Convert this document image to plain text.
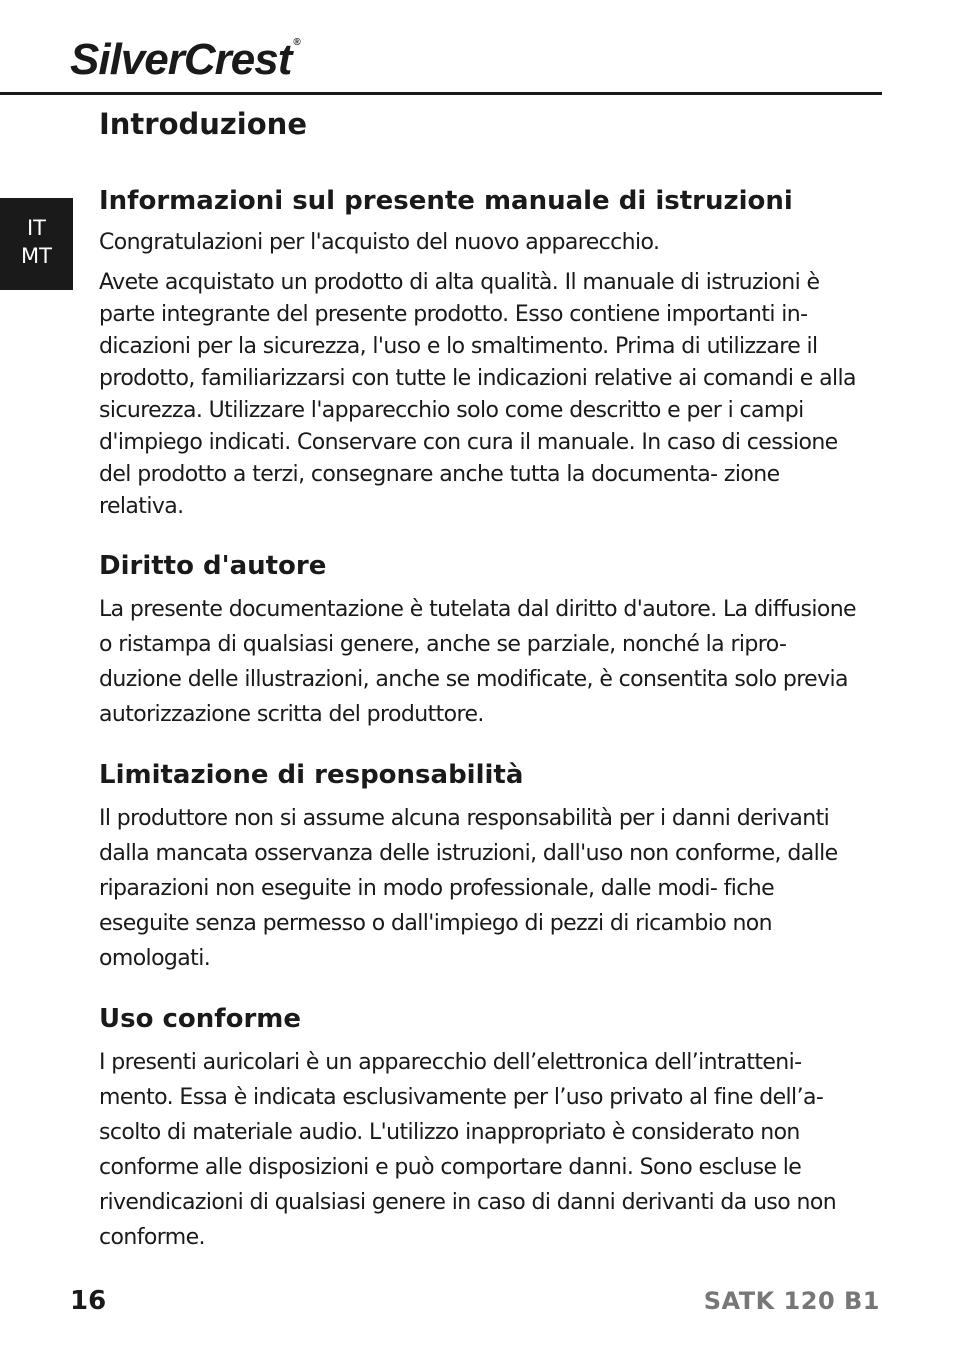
SilverCrest ®
IT
MT
Introduzione
Informazioni sul presente manuale di istruzioni

Congratulazioni per l'acquisto del nuovo apparecchio.

Avete acquistato un prodotto di alta qualità. Il manuale di istruzioni è parte integrante del presente prodotto. Esso contiene importanti in- dicazioni per la sicurezza, l'uso e lo smaltimento. Prima di utilizzare il prodotto, familiarizzarsi con tutte le indicazioni relative ai comandi e alla sicurezza. Utilizzare l'apparecchio solo come descritto e per i campi d'impiego indicati. Conservare con cura il manuale. In caso di cessione del prodotto a terzi, consegnare anche tutta la documenta- zione relativa.

Diritto d'autore

La presente documentazione è tutelata dal diritto d'autore. La diffusione o ristampa di qualsiasi genere, anche se parziale, nonché la ripro- duzione delle illustrazioni, anche se modificate, è consentita solo previa autorizzazione scritta del produttore.

Limitazione di responsabilità

Il produttore non si assume alcuna responsabilità per i danni derivanti dalla mancata osservanza delle istruzioni, dall'uso non conforme, dalle riparazioni non eseguite in modo professionale, dalle modi- fiche eseguite senza permesso o dall'impiego di pezzi di ricambio non omologati.

Uso conforme

I presenti auricolari è un apparecchio dell’elettronica dell’intratteni- mento. Essa è indicata esclusivamente per l’uso privato al fine dell’a- scolto di materiale audio. L'utilizzo inappropriato è considerato non conforme alle disposizioni e può comportare danni. Sono escluse le rivendicazioni di qualsiasi genere in caso di danni derivanti da uso non conforme.

16	SATK 120 B1
